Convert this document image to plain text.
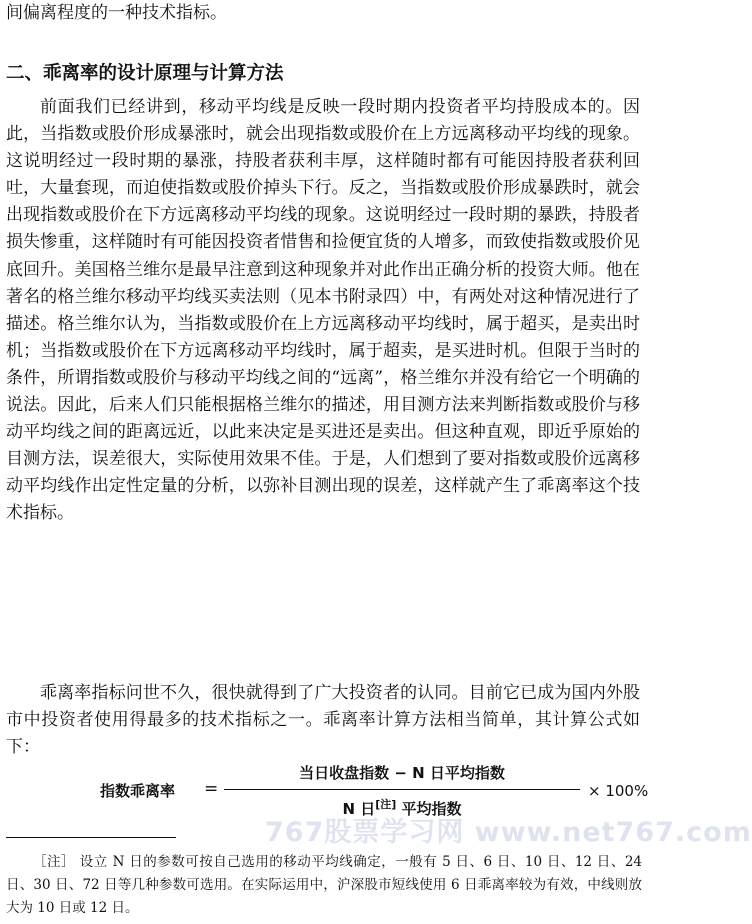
间偏离程度的一种技术指标。
二、乖离率的设计原理与计算方法

前面我们已经讲到，移动平均线是反映一段时期内投资者平均持股成本的。因此，当指数或股价形成暴涨时，就会出现指数或股价在上方远离移动平均线的现象。这说明经过一段时期的暴涨，持股者获利丰厚，这样随时都有可能因持股者获利回吐，大量套现，而迫使指数或股价掉头下行。反之，当指数或股价形成暴跌时，就会出现指数或股价在下方远离移动平均线的现象。这说明经过一段时期的暴跌，持股者损失惨重，这样随时有可能因投资者惜售和捡便宜货的人增多，而致使指数或股价见底回升。美国格兰维尔是最早注意到这种现象并对此作出正确分析的投资大师。他在著名的格兰维尔移动平均线买卖法则（见本书附录四）中，有两处对这种情况进行了描述。格兰维尔认为，当指数或股价在上方远离移动平均线时，属于超买，是卖出时机；当指数或股价在下方远离移动平均线时，属于超卖，是买进时机。但限于当时的条件，所谓指数或股价与移动平均线之间的“远离”，格兰维尔并没有给它一个明确的说法。因此，后来人们只能根据格兰维尔的描述，用目测方法来判断指数或股价与移动平均线之间的距离远近，以此来决定是买进还是卖出。但这种直观，即近乎原始的目测方法，误差很大，实际使用效果不佳。于是，人们想到了要对指数或股价远离移动平均线作出定性定量的分析，以弥补目测出现的误差，这样就产生了乖离率这个技术指标。

乖离率指标问世不久，很快就得到了广大投资者的认同。目前它已成为国内外股市中投资者使用得最多的技术指标之一。乖离率计算方法相当简单，其计算公式如下：

指数乖离率 =
当日收盘指数 − N 日平均指数
N 日[注] 平均指数
× 100%
767股票学习网 www.net767.com

［注］ 设立 N 日的参数可按自己选用的移动平均线确定，一般有 5 日、6 日、10 日、12 日、24 日、30 日、72 日等几种参数可选用。在实际运用中，沪深股市短线使用 6 日乖离率较为有效，中线则放大为 10 日或 12 日。
